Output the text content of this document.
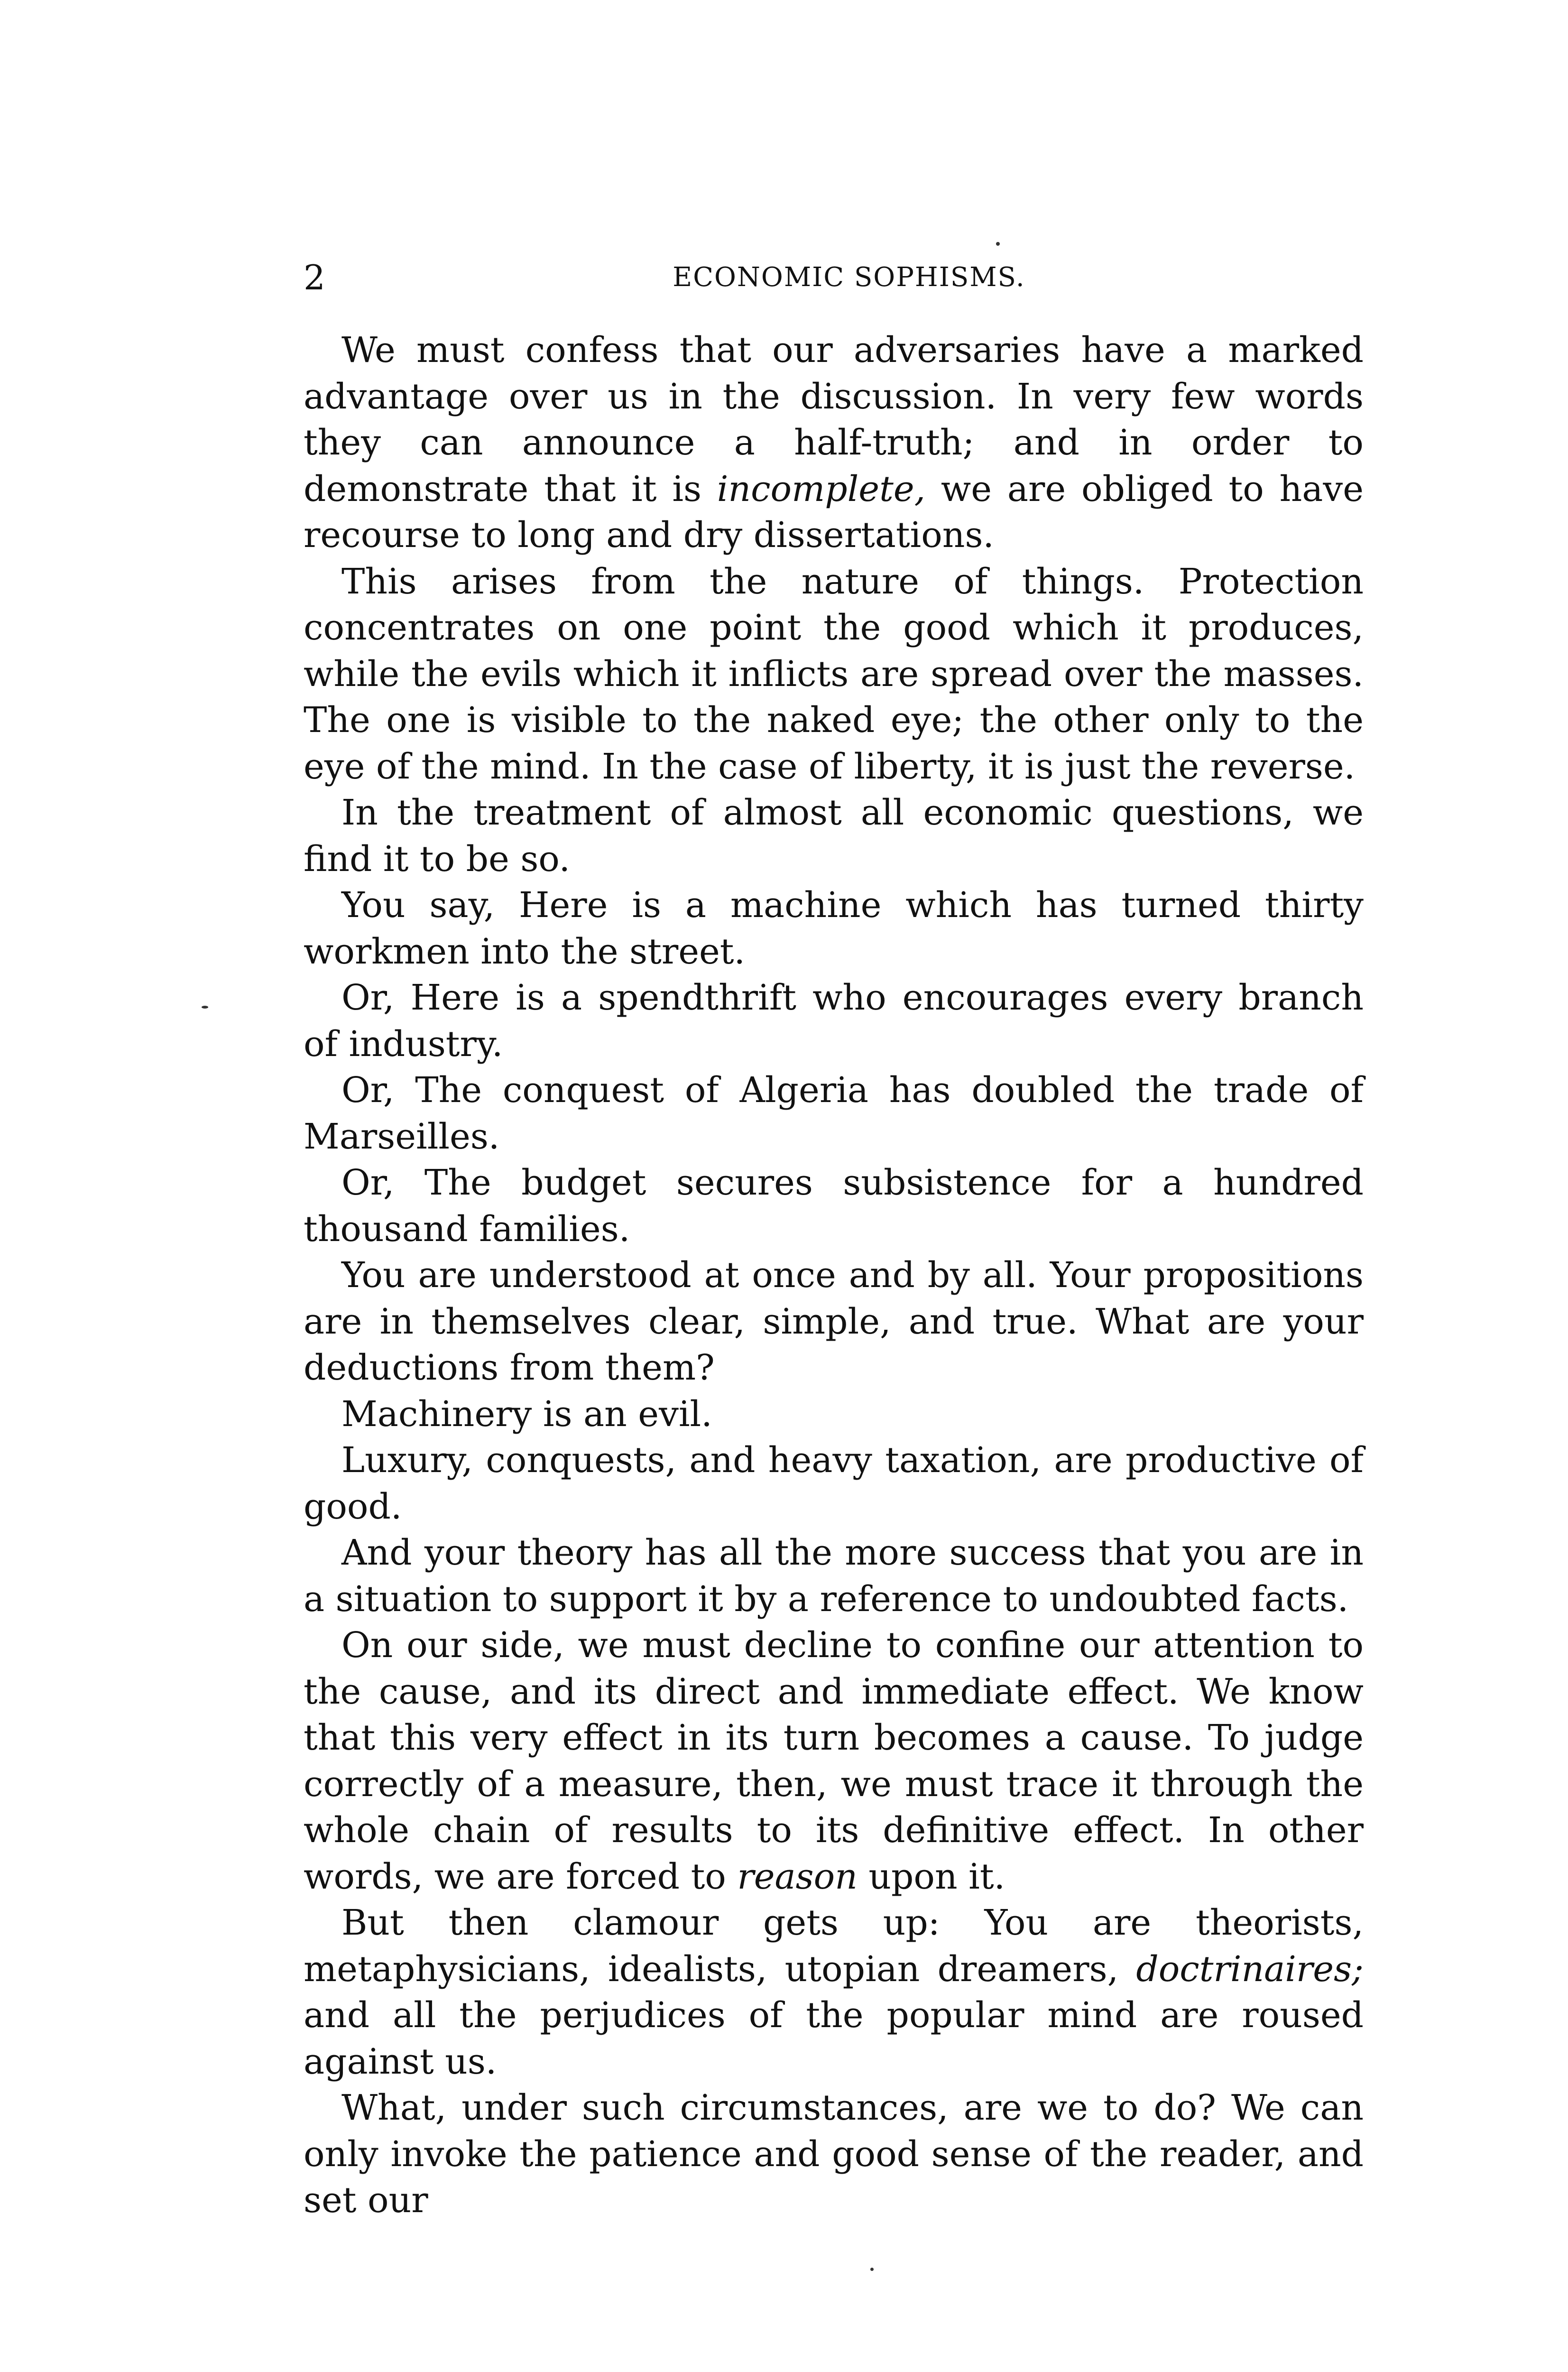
2	ECONOMIC SOPHISMS.

We must confess that our adversaries have a marked advantage over us in the discussion. In very few words they can announce a half-truth; and in order to demonstrate that it is incomplete, we are obliged to have recourse to long and dry dissertations.

This arises from the nature of things. Protection concentrates on one point the good which it produces, while the evils which it inflicts are spread over the masses. The one is visible to the naked eye; the other only to the eye of the mind. In the case of liberty, it is just the reverse.

In the treatment of almost all economic questions, we find it to be so.

You say, Here is a machine which has turned thirty workmen into the street.

Or, Here is a spendthrift who encourages every branch of industry.

Or, The conquest of Algeria has doubled the trade of Marseilles.

Or, The budget secures subsistence for a hundred thousand families.

You are understood at once and by all. Your propositions are in themselves clear, simple, and true. What are your deductions from them?

Machinery is an evil.

Luxury, conquests, and heavy taxation, are productive of good.

And your theory has all the more success that you are in a situation to support it by a reference to undoubted facts.

On our side, we must decline to confine our attention to the cause, and its direct and immediate effect. We know that this very effect in its turn becomes a cause. To judge correctly of a measure, then, we must trace it through the whole chain of results to its definitive effect. In other words, we are forced to reason upon it.

But then clamour gets up: You are theorists, metaphysicians, idealists, utopian dreamers, doctrinaires; and all the perjudices of the popular mind are roused against us.

What, under such circumstances, are we to do? We can only invoke the patience and good sense of the reader, and set our
